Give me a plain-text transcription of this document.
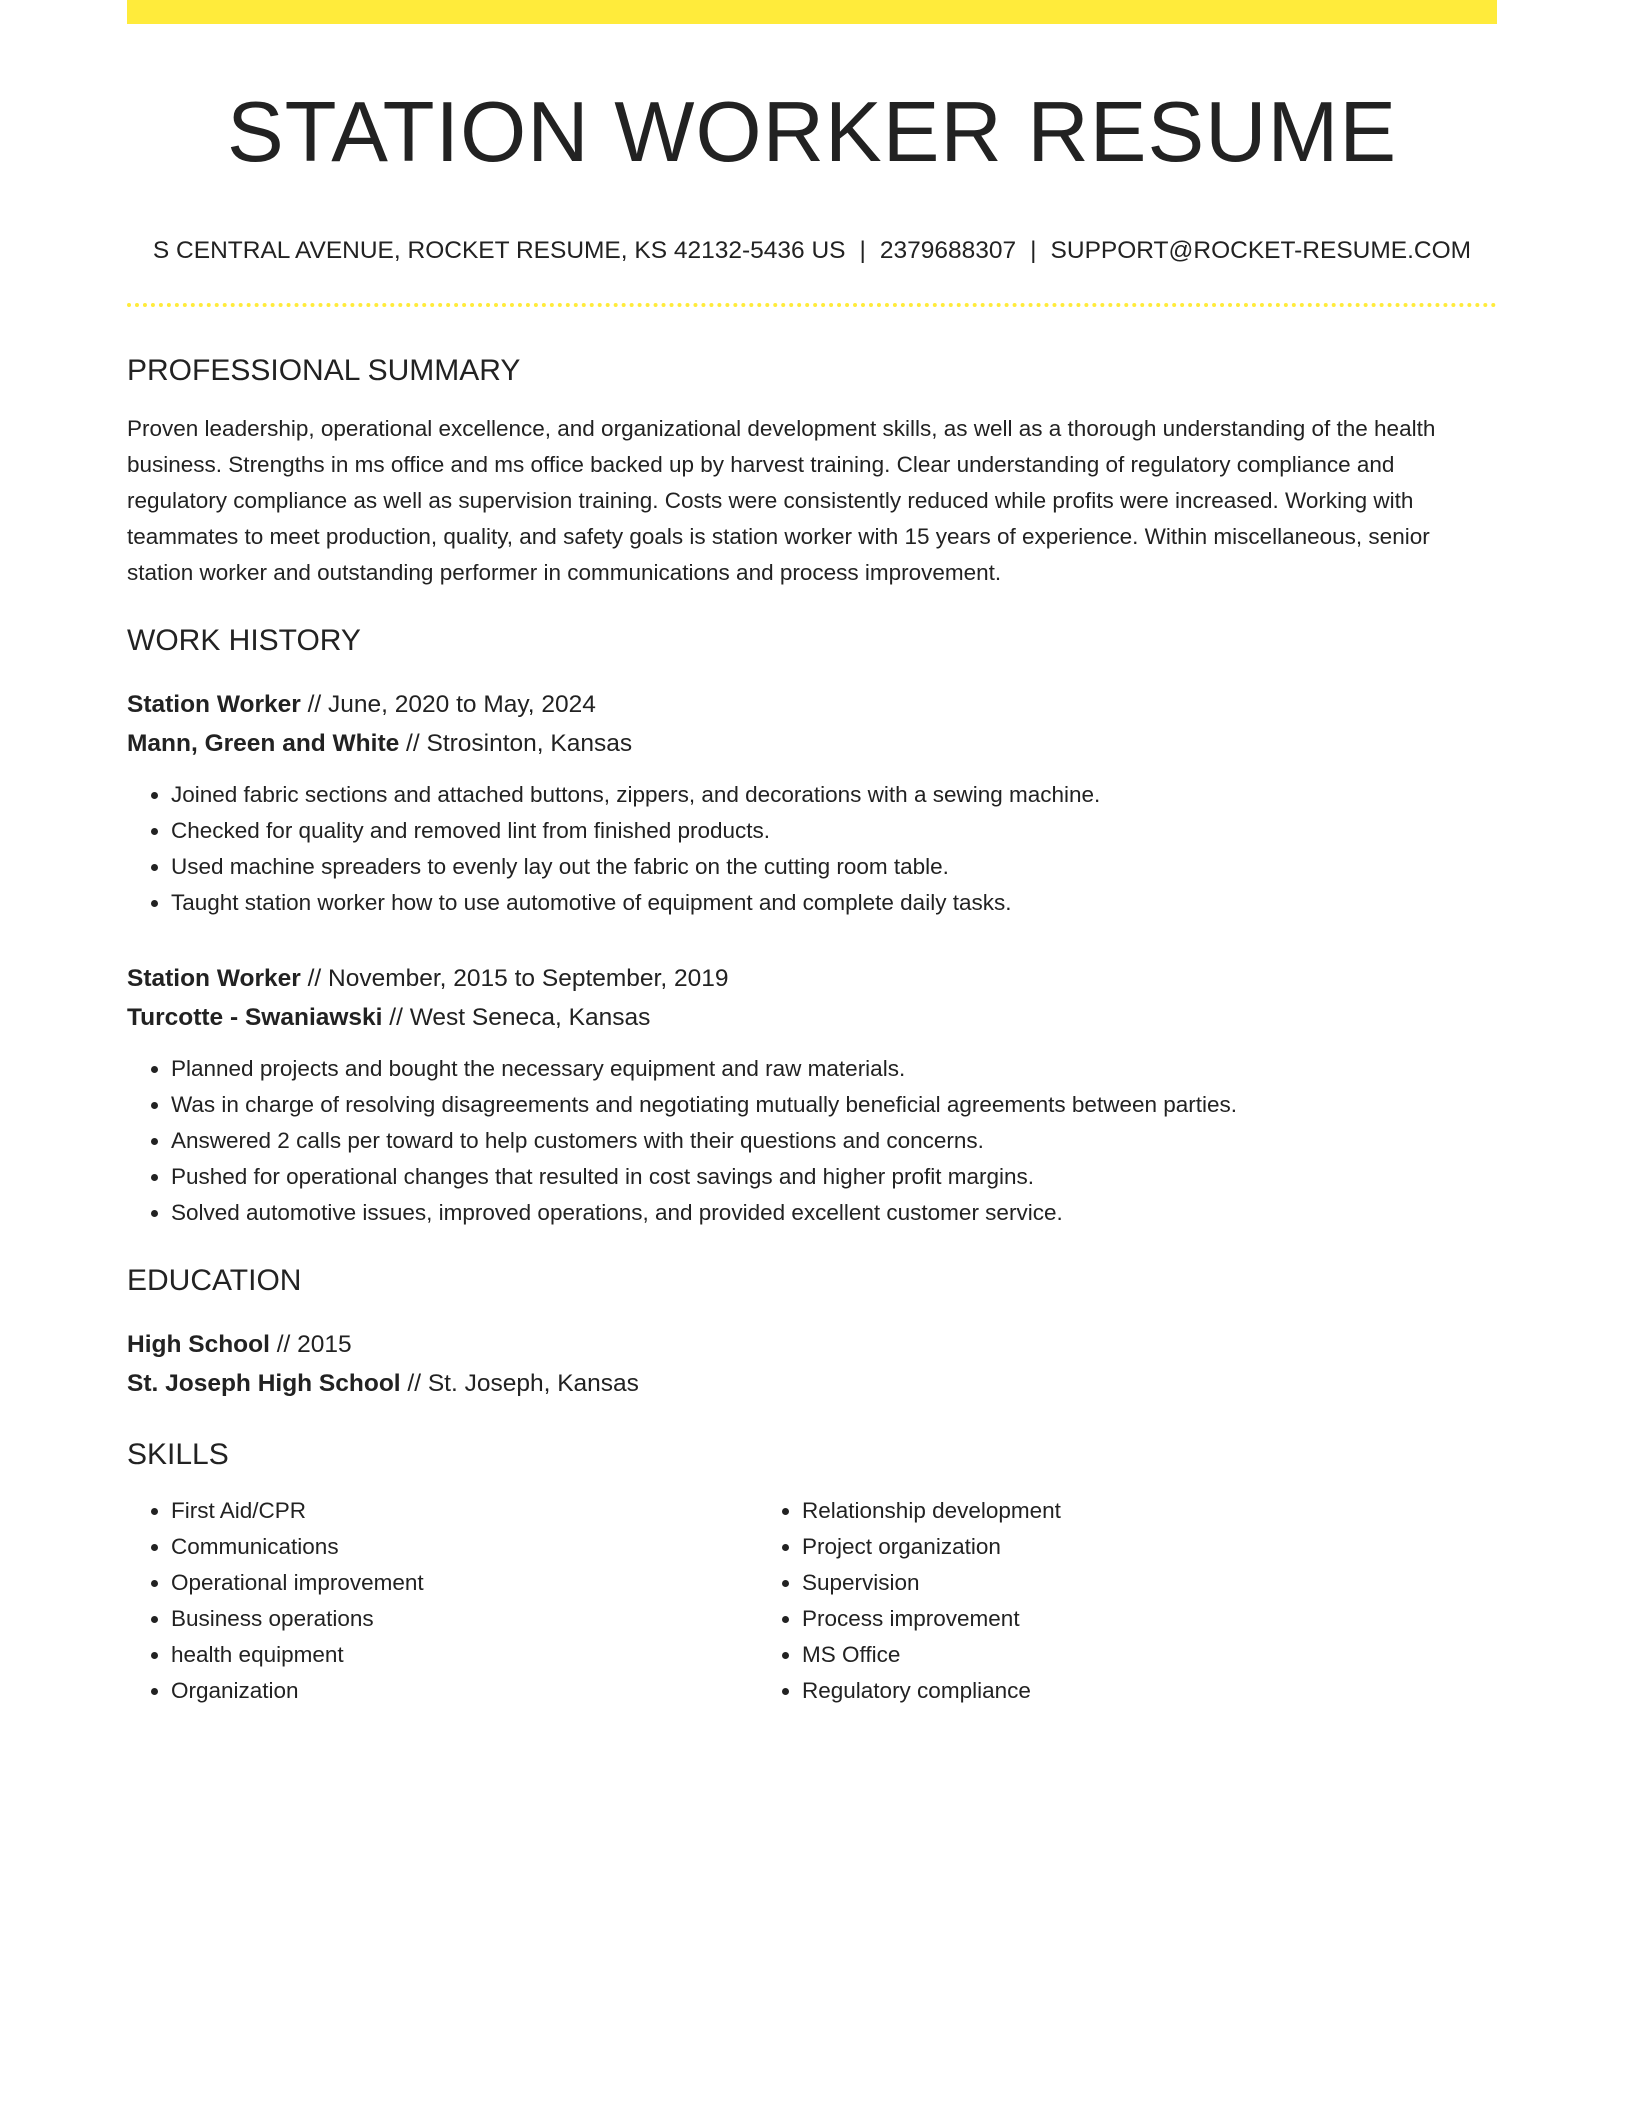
STATION WORKER RESUME
S CENTRAL AVENUE, ROCKET RESUME, KS 42132-5436 US | 2379688307 | SUPPORT@ROCKET-RESUME.COM
PROFESSIONAL SUMMARY

Proven leadership, operational excellence, and organizational development skills, as well as a thorough understanding of the health business. Strengths in ms office and ms office backed up by harvest training. Clear understanding of regulatory compliance and regulatory compliance as well as supervision training. Costs were consistently reduced while profits were increased. Working with teammates to meet production, quality, and safety goals is station worker with 15 years of experience. Within miscellaneous, senior station worker and outstanding performer in communications and process improvement.

WORK HISTORY
Station Worker // June, 2020 to May, 2024
Mann, Green and White // Strosinton, Kansas
• Joined fabric sections and attached buttons, zippers, and decorations with a sewing machine.
• Checked for quality and removed lint from finished products.
• Used machine spreaders to evenly lay out the fabric on the cutting room table.
• Taught station worker how to use automotive of equipment and complete daily tasks.
Station Worker // November, 2015 to September, 2019
Turcotte - Swaniawski // West Seneca, Kansas
• Planned projects and bought the necessary equipment and raw materials.
• Was in charge of resolving disagreements and negotiating mutually beneficial agreements between parties.
• Answered 2 calls per toward to help customers with their questions and concerns.
• Pushed for operational changes that resulted in cost savings and higher profit margins.
• Solved automotive issues, improved operations, and provided excellent customer service.
EDUCATION
High School // 2015
St. Joseph High School // St. Joseph, Kansas
SKILLS
• First Aid/CPR
• Communications
• Operational improvement
• Business operations
• health equipment
• Organization
• Relationship development
• Project organization
• Supervision
• Process improvement
• MS Office
• Regulatory compliance
